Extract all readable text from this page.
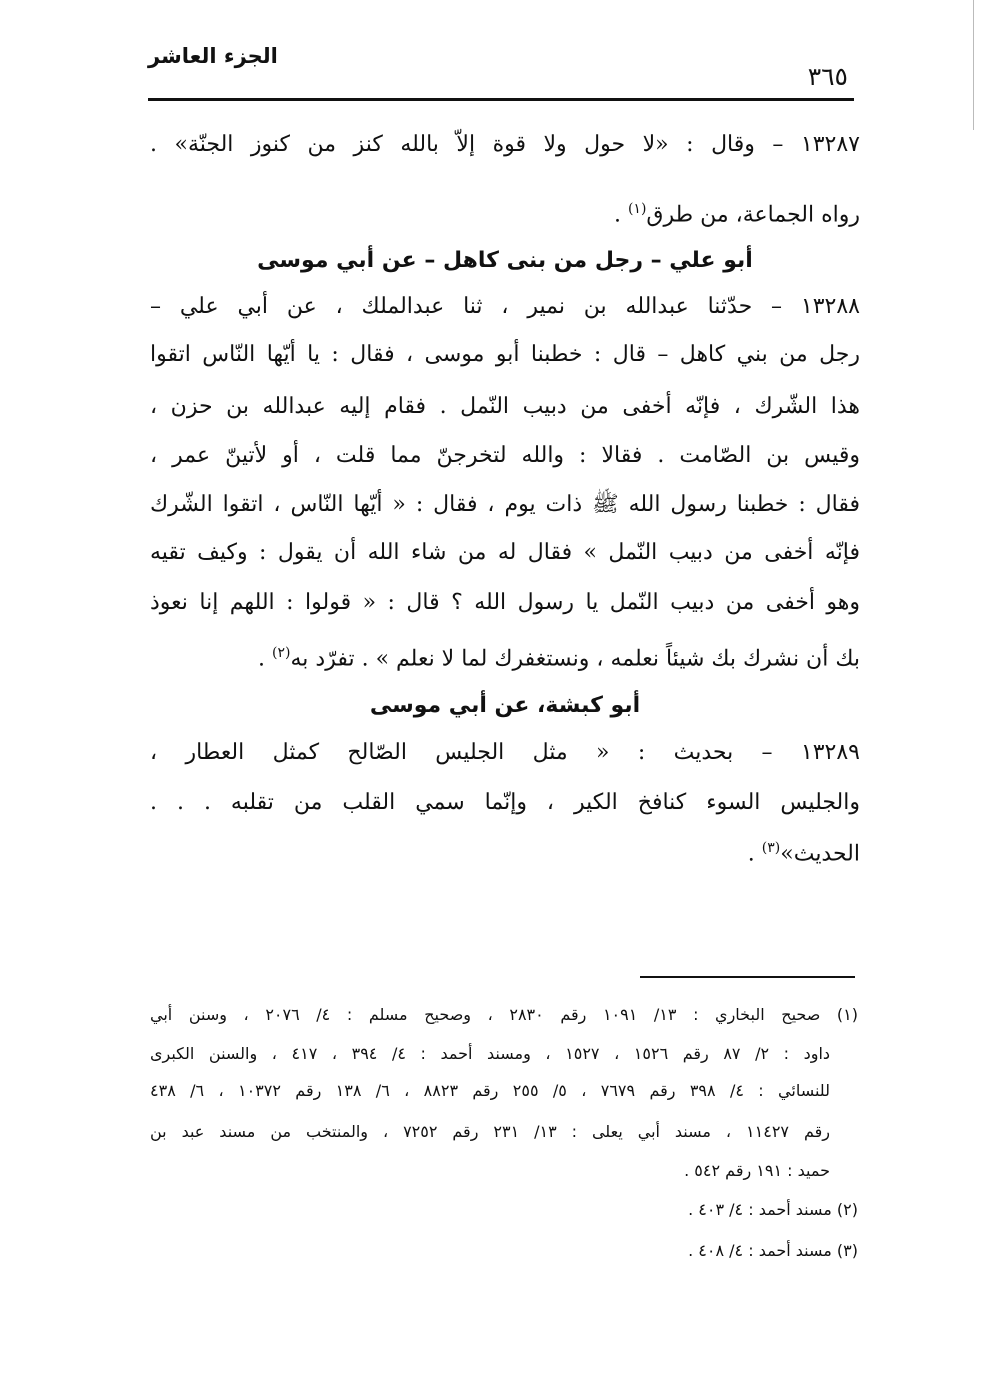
الجزء العاشر
٣٦٥
١٣٢٨٧ – وقال : «لا حول ولا قوة إلاّ بالله كنز من كنوز الجنّة» .
رواه الجماعة، من طرق$^{(١)}$ .
أبو علي – رجل من بنى كاهل – عن أبي موسى
١٣٢٨٨ – حدّثنا عبدالله بن نمير ، ثنا عبدالملك ، عن أبي علي –
رجل من بني كاهل – قال : خطبنا أبو موسى ، فقال : يا أيّها النّاس اتقوا
هذا الشّرك ، فإنّه أخفى من دبيب النّمل . فقام إليه عبدالله بن حزن ،
وقيس بن الصّامت . فقالا : والله لتخرجنّ مما قلت ، أو لأتينّ عمر ،
فقال : خطبنا رسول الله ﷺ ذات يوم ، فقال : « أيّها النّاس ، اتقوا الشّرك
فإنّه أخفى من دبيب النّمل » فقال له من شاء الله أن يقول : وكيف تقيه
وهو أخفى من دبيب النّمل يا رسول الله ؟ قال : « قولوا : اللهم إنا نعوذ
بك أن نشرك بك شيئاً نعلمه ، ونستغفرك لما لا نعلم » . تفرّد به$^{(٢)}$ .
أبو كبشة، عن أبي موسى
١٣٢٨٩ – بحديث : « مثل الجليس الصّالح كمثل العطار ،
والجليس السوء كنافخ الكير ، وإنّما سمي القلب من تقلبه . . .
الحديث»$^{(٣)}$ .
(١) صحيح البخاري : ١٣/ ١٠٩١ رقم ٢٨٣٠ ، وصحيح مسلم : ٤/ ٢٠٧٦ ، وسنن أبي
داود : ٢/ ٨٧ رقم ١٥٢٦ ، ١٥٢٧ ، ومسند أحمد : ٤/ ٣٩٤ ، ٤١٧ ، والسنن الكبرى
للنسائي : ٤/ ٣٩٨ رقم ٧٦٧٩ ، ٥/ ٢٥٥ رقم ٨٨٢٣ ، ٦/ ١٣٨ رقم ١٠٣٧٢ ، ٦/ ٤٣٨
رقم ١١٤٢٧ ، مسند أبي يعلى : ١٣/ ٢٣١ رقم ٧٢٥٢ ، والمنتخب من مسند عبد بن
حميد : ١٩١ رقم ٥٤٢ .
(٢) مسند أحمد : ٤/ ٤٠٣ .
(٣) مسند أحمد : ٤/ ٤٠٨ .
